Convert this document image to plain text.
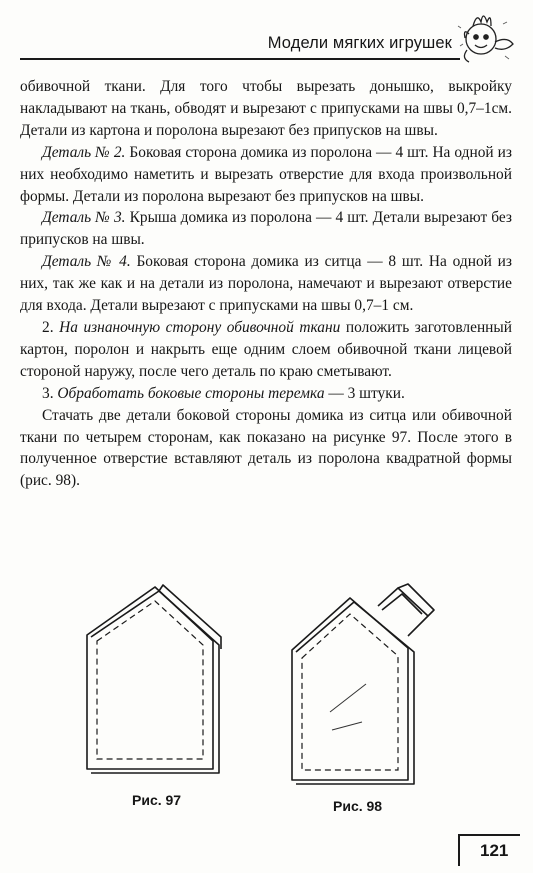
Модели мягких игрушек

обивочной ткани. Для того чтобы вырезать донышко, выкройку накладывают на ткань, обводят и вырезают с припусками на швы 0,7–1см. Детали из картона и поролона вырезают без припусков на швы.

Деталь № 2. Боковая сторона домика из поролона — 4 шт. На одной из них необходимо наметить и вырезать отверстие для входа произвольной формы. Детали из поролона вырезают без припусков на швы.

Деталь № 3. Крыша домика из поролона — 4 шт. Детали вырезают без припусков на швы.

Деталь № 4. Боковая сторона домика из ситца — 8 шт. На одной из них, так же как и на детали из поролона, намечают и вырезают отверстие для входа. Детали вырезают с припусками на швы 0,7–1 см.

2. На изнаночную сторону обивочной ткани положить заготовленный картон, поролон и накрыть еще одним слоем обивочной ткани лицевой стороной наружу, после чего деталь по краю сметывают.

3. Обработать боковые стороны теремка — 3 штуки.

Стачать две детали боковой стороны домика из ситца или обивочной ткани по четырем сторонам, как показано на рисунке 97. После этого в полученное отверстие вставляют деталь из поролона квадратной формы (рис. 98).

Рис. 97	Рис. 98
121
